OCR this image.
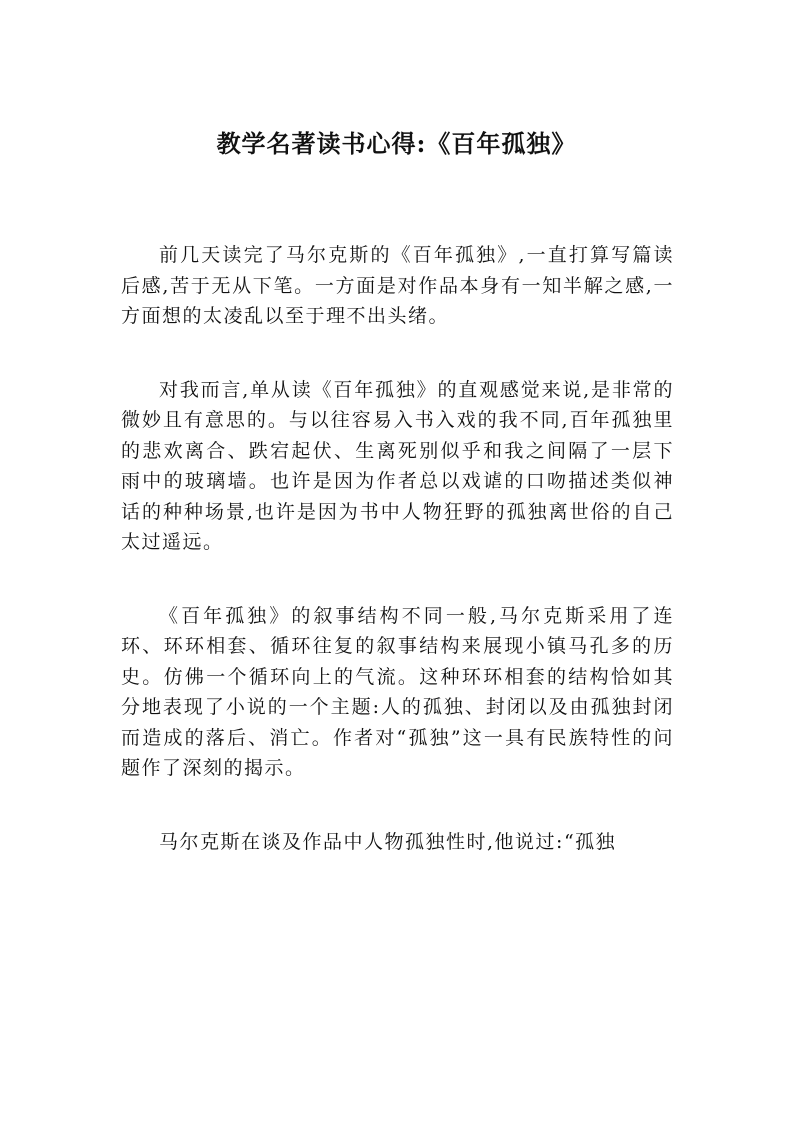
教学名著读书心得:《百年孤独》

前几天读完了马尔克斯的《百年孤独》,一直打算写篇读后感,苦于无从下笔。一方面是对作品本身有一知半解之感,一方面想的太凌乱以至于理不出头绪。

对我而言,单从读《百年孤独》的直观感觉来说,是非常的微妙且有意思的。与以往容易入书入戏的我不同,百年孤独里的悲欢离合、跌宕起伏、生离死别似乎和我之间隔了一层下雨中的玻璃墙。也许是因为作者总以戏谑的口吻描述类似神话的种种场景,也许是因为书中人物狂野的孤独离世俗的自己太过遥远。

《百年孤独》的叙事结构不同一般,马尔克斯采用了连环、环环相套、循环往复的叙事结构来展现小镇马孔多的历史。仿佛一个循环向上的气流。这种环环相套的结构恰如其分地表现了小说的一个主题:人的孤独、封闭以及由孤独封闭而造成的落后、消亡。作者对“孤独”这一具有民族特性的问题作了深刻的揭示。

马尔克斯在谈及作品中人物孤独性时,他说过:“孤独
